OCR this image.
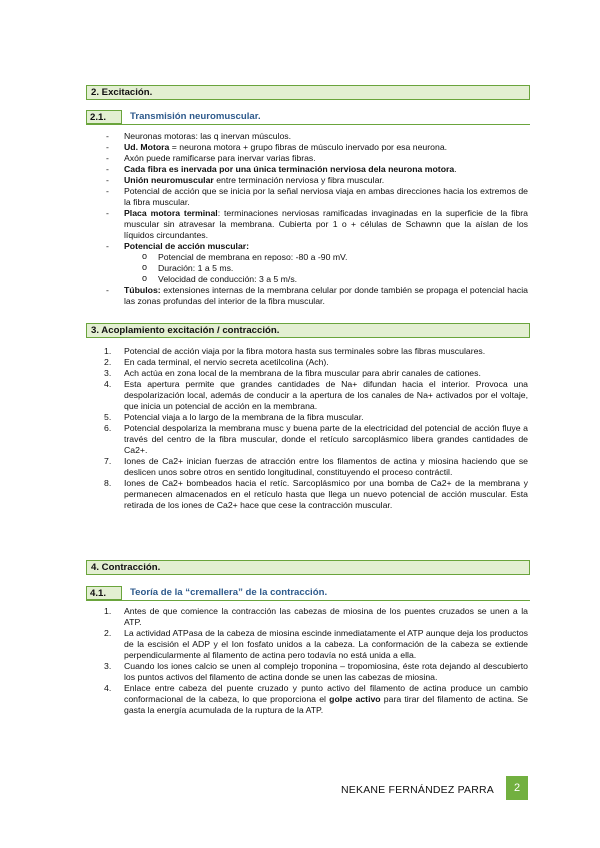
2. Excitación.
2.1.	Transmisión neuromuscular.
- Neuronas motoras: las q inervan músculos.
- Ud. Motora = neurona motora + grupo fibras de músculo inervado por esa neurona.
- Axón puede ramificarse para inervar varias fibras.
- Cada fibra es inervada por una única terminación nerviosa dela neurona motora.
- Unión neuromuscular entre terminación nerviosa y fibra muscular.
- Potencial de acción que se inicia por la señal nerviosa viaja en ambas direcciones hacia los extremos de la fibra muscular.
- Placa motora terminal: terminaciones nerviosas ramificadas invaginadas en la superficie de la fibra muscular sin atravesar la membrana. Cubierta por 1 o + células de Schawnn que la aíslan de los líquidos circundantes.
- Potencial de acción muscular:
o Potencial de membrana en reposo: -80 a -90 mV.
o Duración: 1 a 5 ms.
o Velocidad de conducción: 3 a 5 m/s.
- Túbulos: extensiones internas de la membrana celular por donde también se propaga el potencial hacia las zonas profundas del interior de la fibra muscular.
3. Acoplamiento excitación / contracción.
1.	Potencial de acción viaja por la fibra motora hasta sus terminales sobre las fibras musculares.
2.	En cada terminal, el nervio secreta acetilcolina (Ach).
3.	Ach actúa en zona local de la membrana de la fibra muscular para abrir canales de cationes.
4.	Esta apertura permite que grandes cantidades de Na+ difundan hacia el interior. Provoca una despolarización local, además de conducir a la apertura de los canales de Na+ activados por el voltaje, que inicia un potencial de acción en la membrana.
5.	Potencial viaja a lo largo de la membrana de la fibra muscular.
6.	Potencial despolariza la membrana musc y buena parte de la electricidad del potencial de acción fluye a través del centro de la fibra muscular, donde el retículo sarcoplásmico libera grandes cantidades de Ca2+.
7.	Iones de Ca2+ inician fuerzas de atracción entre los filamentos de actina y miosina haciendo que se deslicen unos sobre otros en sentido longitudinal, constituyendo el proceso contráctil.
8.	Iones de Ca2+ bombeados hacia el retíc. Sarcoplásmico por una bomba de Ca2+ de la membrana y permanecen almacenados en el retículo hasta que llega un nuevo potencial de acción muscular. Esta retirada de los iones de Ca2+ hace que cese la contracción muscular.
4. Contracción.
4.1.	Teoría de la “cremallera” de la contracción.
1.	Antes de que comience la contracción las cabezas de miosina de los puentes cruzados se unen a la ATP.
2.	La actividad ATPasa de la cabeza de miosina escinde inmediatamente el ATP aunque deja los productos de la escisión el ADP y el Ion fosfato unidos a la cabeza. La conformación de la cabeza se extiende perpendicularmente al filamento de actina pero todavía no está unida a ella.
3.	Cuando los iones calcio se unen al complejo troponina – tropomiosina, éste rota dejando al descubierto los puntos activos del filamento de actina donde se unen las cabezas de miosina.
4.	Enlace entre cabeza del puente cruzado y punto activo del filamento de actina produce un cambio conformacional de la cabeza, lo que proporciona el golpe activo para tirar del filamento de actina. Se gasta la energía acumulada de la ruptura de la ATP.
NEKANE FERNÁNDEZ PARRA	2
